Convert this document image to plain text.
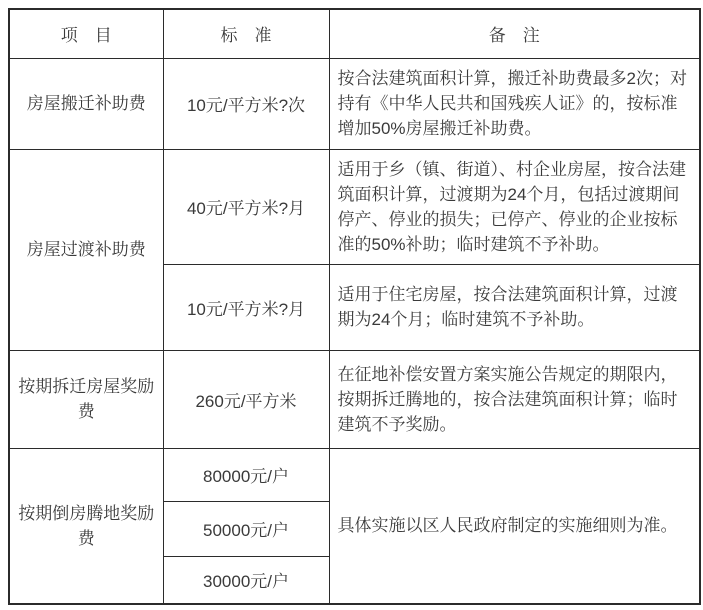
项　目	标　准	备　注
房屋搬迁补助费	10元/平方米?次	按合法建筑面积计算，搬迁补助费最多2次；对持有《中华人民共和国残疾人证》的，按标准增加50%房屋搬迁补助费。
房屋过渡补助费	40元/平方米?月	适用于乡（镇、街道）、村企业房屋，按合法建筑面积计算，过渡期为24个月，包括过渡期间停产、停业的损失；已停产、停业的企业按标准的50%补助；临时建筑不予补助。
	10元/平方米?月	适用于住宅房屋，按合法建筑面积计算，过渡期为24个月；临时建筑不予补助。
按期拆迁房屋奖励费	260元/平方米	在征地补偿安置方案实施公告规定的期限内，按期拆迁腾地的，按合法建筑面积计算；临时建筑不予奖励。
按期倒房腾地奖励费	80000元/户	具体实施以区人民政府制定的实施细则为准。
	50000元/户	
	30000元/户	
